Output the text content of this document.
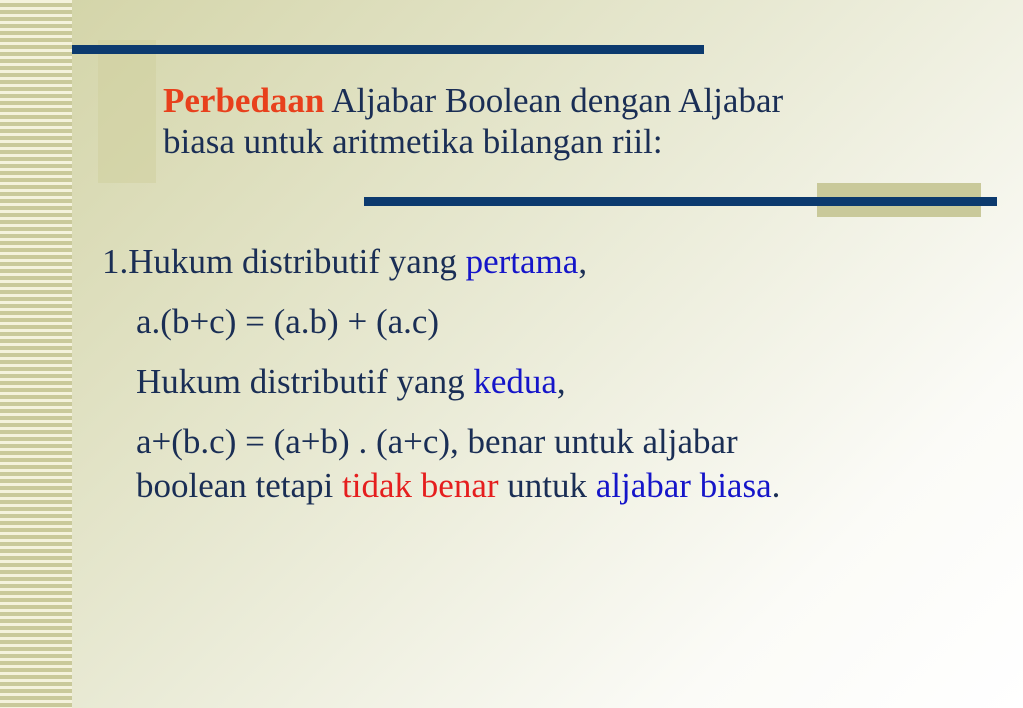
Perbedaan Aljabar Boolean dengan Aljabar
biasa untuk aritmetika bilangan riil:
1.Hukum distributif yang pertama,
a.(b+c) = (a.b) + (a.c)
Hukum distributif yang kedua,
a+(b.c) = (a+b) . (a+c), benar untuk aljabar
boolean tetapi tidak benar untuk aljabar biasa.
